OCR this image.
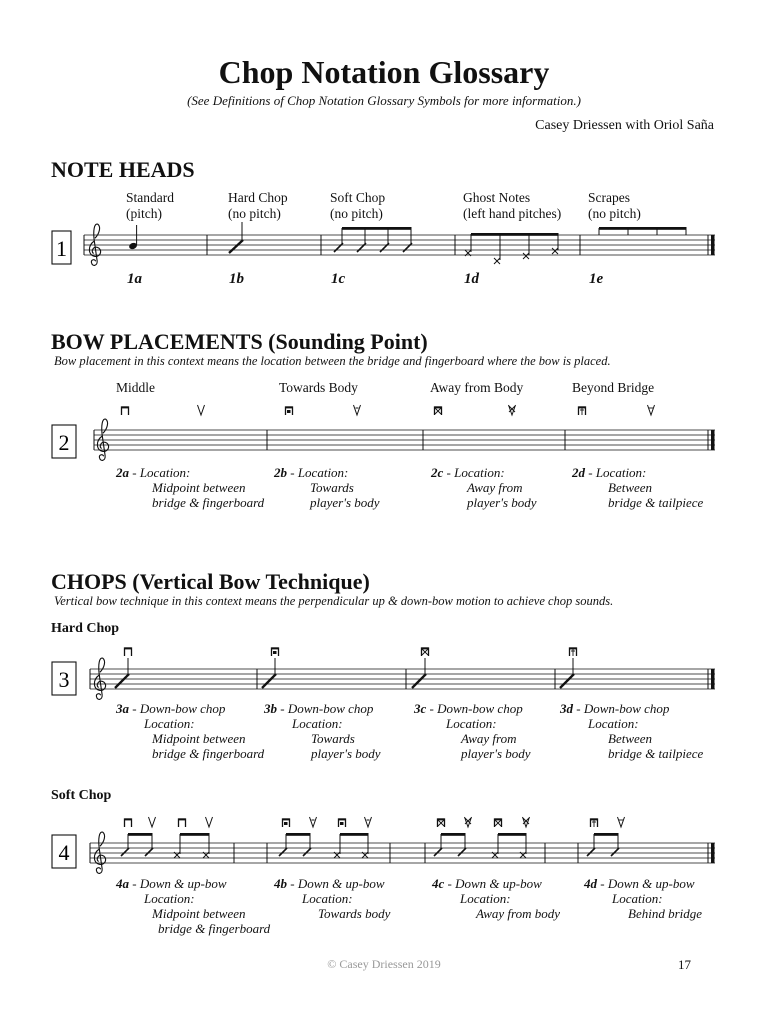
Chop Notation Glossary
(See Definitions of Chop Notation Glossary Symbols for more information.)
Casey Driessen with Oriol Saña
NOTE HEADS
Standard
(pitch)
Hard Chop
(no pitch)
Soft Chop
(no pitch)
Ghost Notes
(left hand pitches)
Scrapes
(no pitch)
1a	1b	1c	1d	1e
BOW PLACEMENTS (Sounding Point)
Bow placement in this context means the location between the bridge and fingerboard where the bow is placed.
Middle	Towards Body	Away from Body	Beyond Bridge
2a - Location:
Midpoint between
bridge & fingerboard
2b - Location:
Towards
player's body
2c - Location:
Away from
player's body
2d - Location:
Between
bridge & tailpiece
CHOPS (Vertical Bow Technique)
Vertical bow technique in this context means the perpendicular up & down-bow motion to achieve chop sounds.
Hard Chop
3a - Down-bow chop
Location:
Midpoint between
bridge & fingerboard
3b - Down-bow chop
Location:
Towards
player's body
3c - Down-bow chop
Location:
Away from
player's body
3d - Down-bow chop
Location:
Between
bridge & tailpiece
Soft Chop
4a - Down & up-bow
Location:
Midpoint between
bridge & fingerboard
4b - Down & up-bow
Location:
Towards body
4c - Down & up-bow
Location:
Away from body
4d - Down & up-bow
Location:
Behind bridge
© Casey Driessen 2019	17
1
2
3
4
